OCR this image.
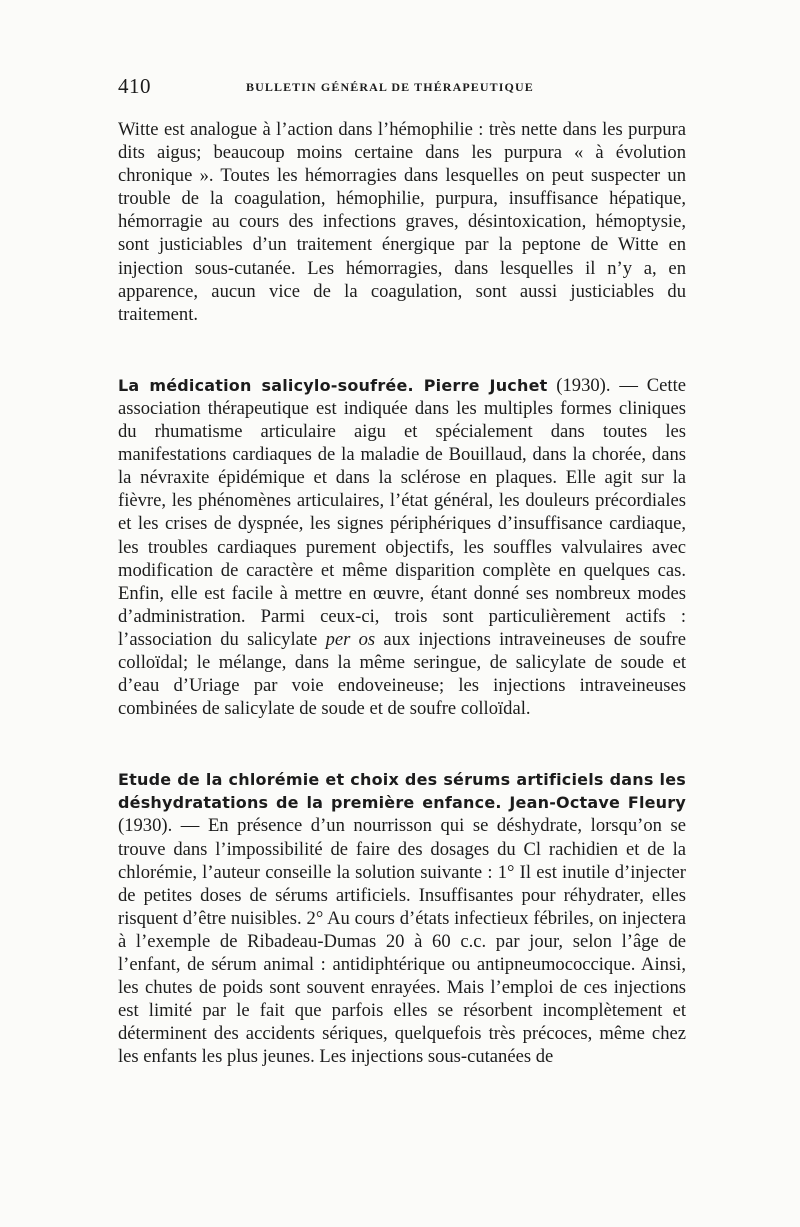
410	BULLETIN GÉNÉRAL DE THÉRAPEUTIQUE

Witte est analogue à l’action dans l’hémophilie : très nette dans les purpura dits aigus; beaucoup moins certaine dans les purpura « à évolution chronique ». Toutes les hémorragies dans lesquelles on peut suspecter un trouble de la coagulation, hémophilie, purpura, insuffisance hépatique, hémorragie au cours des infections graves, désintoxication, hémoptysie, sont justiciables d’un traitement énergique par la peptone de Witte en injection sous-cutanée. Les hémorragies, dans lesquelles il n’y a, en apparence, aucun vice de la coagulation, sont aussi justiciables du traitement.

La médication salicylo-soufrée. Pierre Juchet (1930). — Cette association thérapeutique est indiquée dans les multiples formes cliniques du rhumatisme articulaire aigu et spécialement dans toutes les manifestations cardiaques de la maladie de Bouillaud, dans la chorée, dans la névraxite épidémique et dans la sclérose en plaques. Elle agit sur la fièvre, les phénomènes articulaires, l’état général, les douleurs précordiales et les crises de dyspnée, les signes périphériques d’insuffisance cardiaque, les troubles cardiaques purement objectifs, les souffles valvulaires avec modification de caractère et même disparition complète en quelques cas. Enfin, elle est facile à mettre en œuvre, étant donné ses nombreux modes d’administration. Parmi ceux-ci, trois sont particulièrement actifs : l’association du salicylate per os aux injections intraveineuses de soufre colloïdal; le mélange, dans la même seringue, de salicylate de soude et d’eau d’Uriage par voie endoveineuse; les injections intraveineuses combinées de salicylate de soude et de soufre colloïdal.

Etude de la chlorémie et choix des sérums artificiels dans les déshydratations de la première enfance. Jean-Octave Fleury (1930). — En présence d’un nourrisson qui se déshydrate, lorsqu’on se trouve dans l’impossibilité de faire des dosages du Cl rachidien et de la chlorémie, l’auteur conseille la solution suivante : 1° Il est inutile d’injecter de petites doses de sérums artificiels. Insuffisantes pour réhydrater, elles risquent d’être nuisibles. 2° Au cours d’états infectieux fébriles, on injectera à l’exemple de Ribadeau-Dumas 20 à 60 c.c. par jour, selon l’âge de l’enfant, de sérum animal : antidiphtérique ou antipneumococcique. Ainsi, les chutes de poids sont souvent enrayées. Mais l’emploi de ces injections est limité par le fait que parfois elles se résorbent incomplètement et déterminent des accidents sériques, quelquefois très précoces, même chez les enfants les plus jeunes. Les injections sous-cutanées de
